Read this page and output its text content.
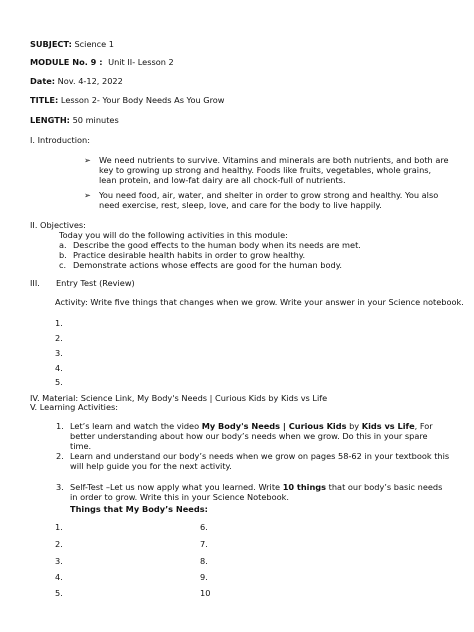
SUBJECT: Science 1
MODULE No. 9 : Unit II- Lesson 2
Date: Nov. 4-12, 2022
TITLE: Lesson 2- Your Body Needs As You Grow
LENGTH: 50 minutes
I. Introduction:
➢ We need nutrients to survive. Vitamins and minerals are both nutrients, and both are key to growing up strong and healthy. Foods like fruits, vegetables, whole grains, lean protein, and low-fat dairy are all chock-full of nutrients.
➢ You need food, air, water, and shelter in order to grow strong and healthy. You also need exercise, rest, sleep, love, and care for the body to live happily.
II. Objectives:
Today you will do the following activities in this module:
a. Describe the good effects to the human body when its needs are met.
b. Practice desirable health habits in order to grow healthy.
c. Demonstrate actions whose effects are good for the human body.
III. Entry Test (Review)
Activity: Write five things that changes when we grow. Write your answer in your Science notebook.
1.
2.
3.
4.
5.
IV. Material: Science Link, My Body's Needs | Curious Kids by Kids vs Life
V. Learning Activities:
1. Let’s learn and watch the video My Body's Needs | Curious Kids by Kids vs Life, For better understanding about how our body’s needs when we grow. Do this in your spare time.
2. Learn and understand our body’s needs when we grow on pages 58-62 in your textbook this will help guide you for the next activity.
3. Self-Test –Let us now apply what you learned. Write 10 things that our body’s basic needs in order to grow. Write this in your Science Notebook.
Things that My Body’s Needs:
1.
2.
3.
4.
5.
6.
7.
8.
9.
10
